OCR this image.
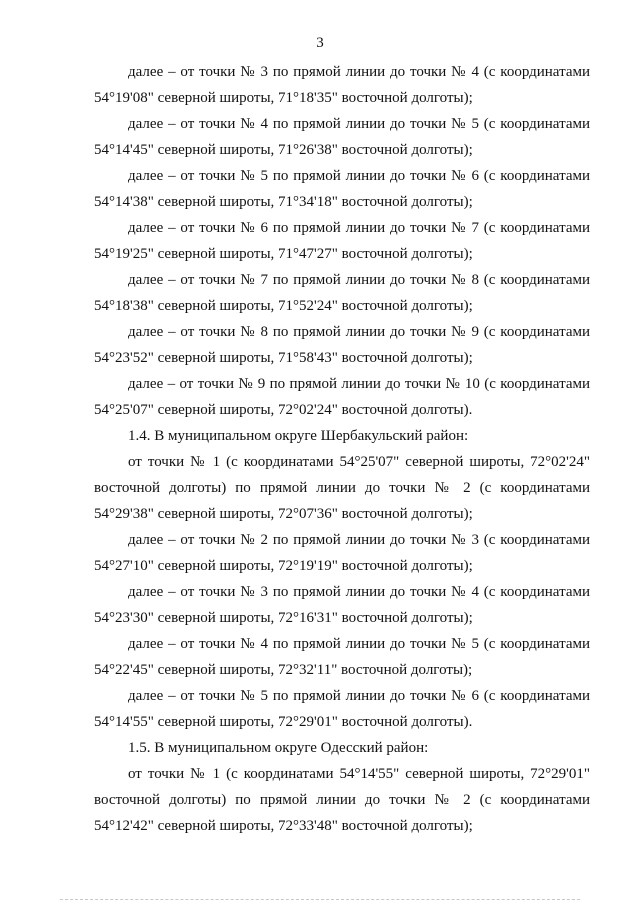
3

далее – от точки № 3 по прямой линии до точки № 4 (с координатами 54°19'08" северной широты, 71°18'35" восточной долготы);

далее – от точки № 4 по прямой линии до точки № 5 (с координатами 54°14'45" северной широты, 71°26'38" восточной долготы);

далее – от точки № 5 по прямой линии до точки № 6 (с координатами 54°14'38" северной широты, 71°34'18" восточной долготы);

далее – от точки № 6 по прямой линии до точки № 7 (с координатами 54°19'25" северной широты, 71°47'27" восточной долготы);

далее – от точки № 7 по прямой линии до точки № 8 (с координатами 54°18'38" северной широты, 71°52'24" восточной долготы);

далее – от точки № 8 по прямой линии до точки № 9 (с координатами 54°23'52" северной широты, 71°58'43" восточной долготы);

далее – от точки № 9 по прямой линии до точки № 10 (с координатами 54°25'07" северной широты, 72°02'24" восточной долготы).

1.4. В муниципальном округе Шербакульский район:

от точки № 1 (с координатами 54°25'07" северной широты, 72°02'24" восточной долготы) по прямой линии до точки № 2 (с координатами 54°29'38" северной широты, 72°07'36" восточной долготы);

далее – от точки № 2 по прямой линии до точки № 3 (с координатами 54°27'10" северной широты, 72°19'19" восточной долготы);

далее – от точки № 3 по прямой линии до точки № 4 (с координатами 54°23'30" северной широты, 72°16'31" восточной долготы);

далее – от точки № 4 по прямой линии до точки № 5 (с координатами 54°22'45" северной широты, 72°32'11" восточной долготы);

далее – от точки № 5 по прямой линии до точки № 6 (с координатами 54°14'55" северной широты, 72°29'01" восточной долготы).

1.5. В муниципальном округе Одесский район:

от точки № 1 (с координатами 54°14'55" северной широты, 72°29'01" восточной долготы) по прямой линии до точки № 2 (с координатами 54°12'42" северной широты, 72°33'48" восточной долготы);
